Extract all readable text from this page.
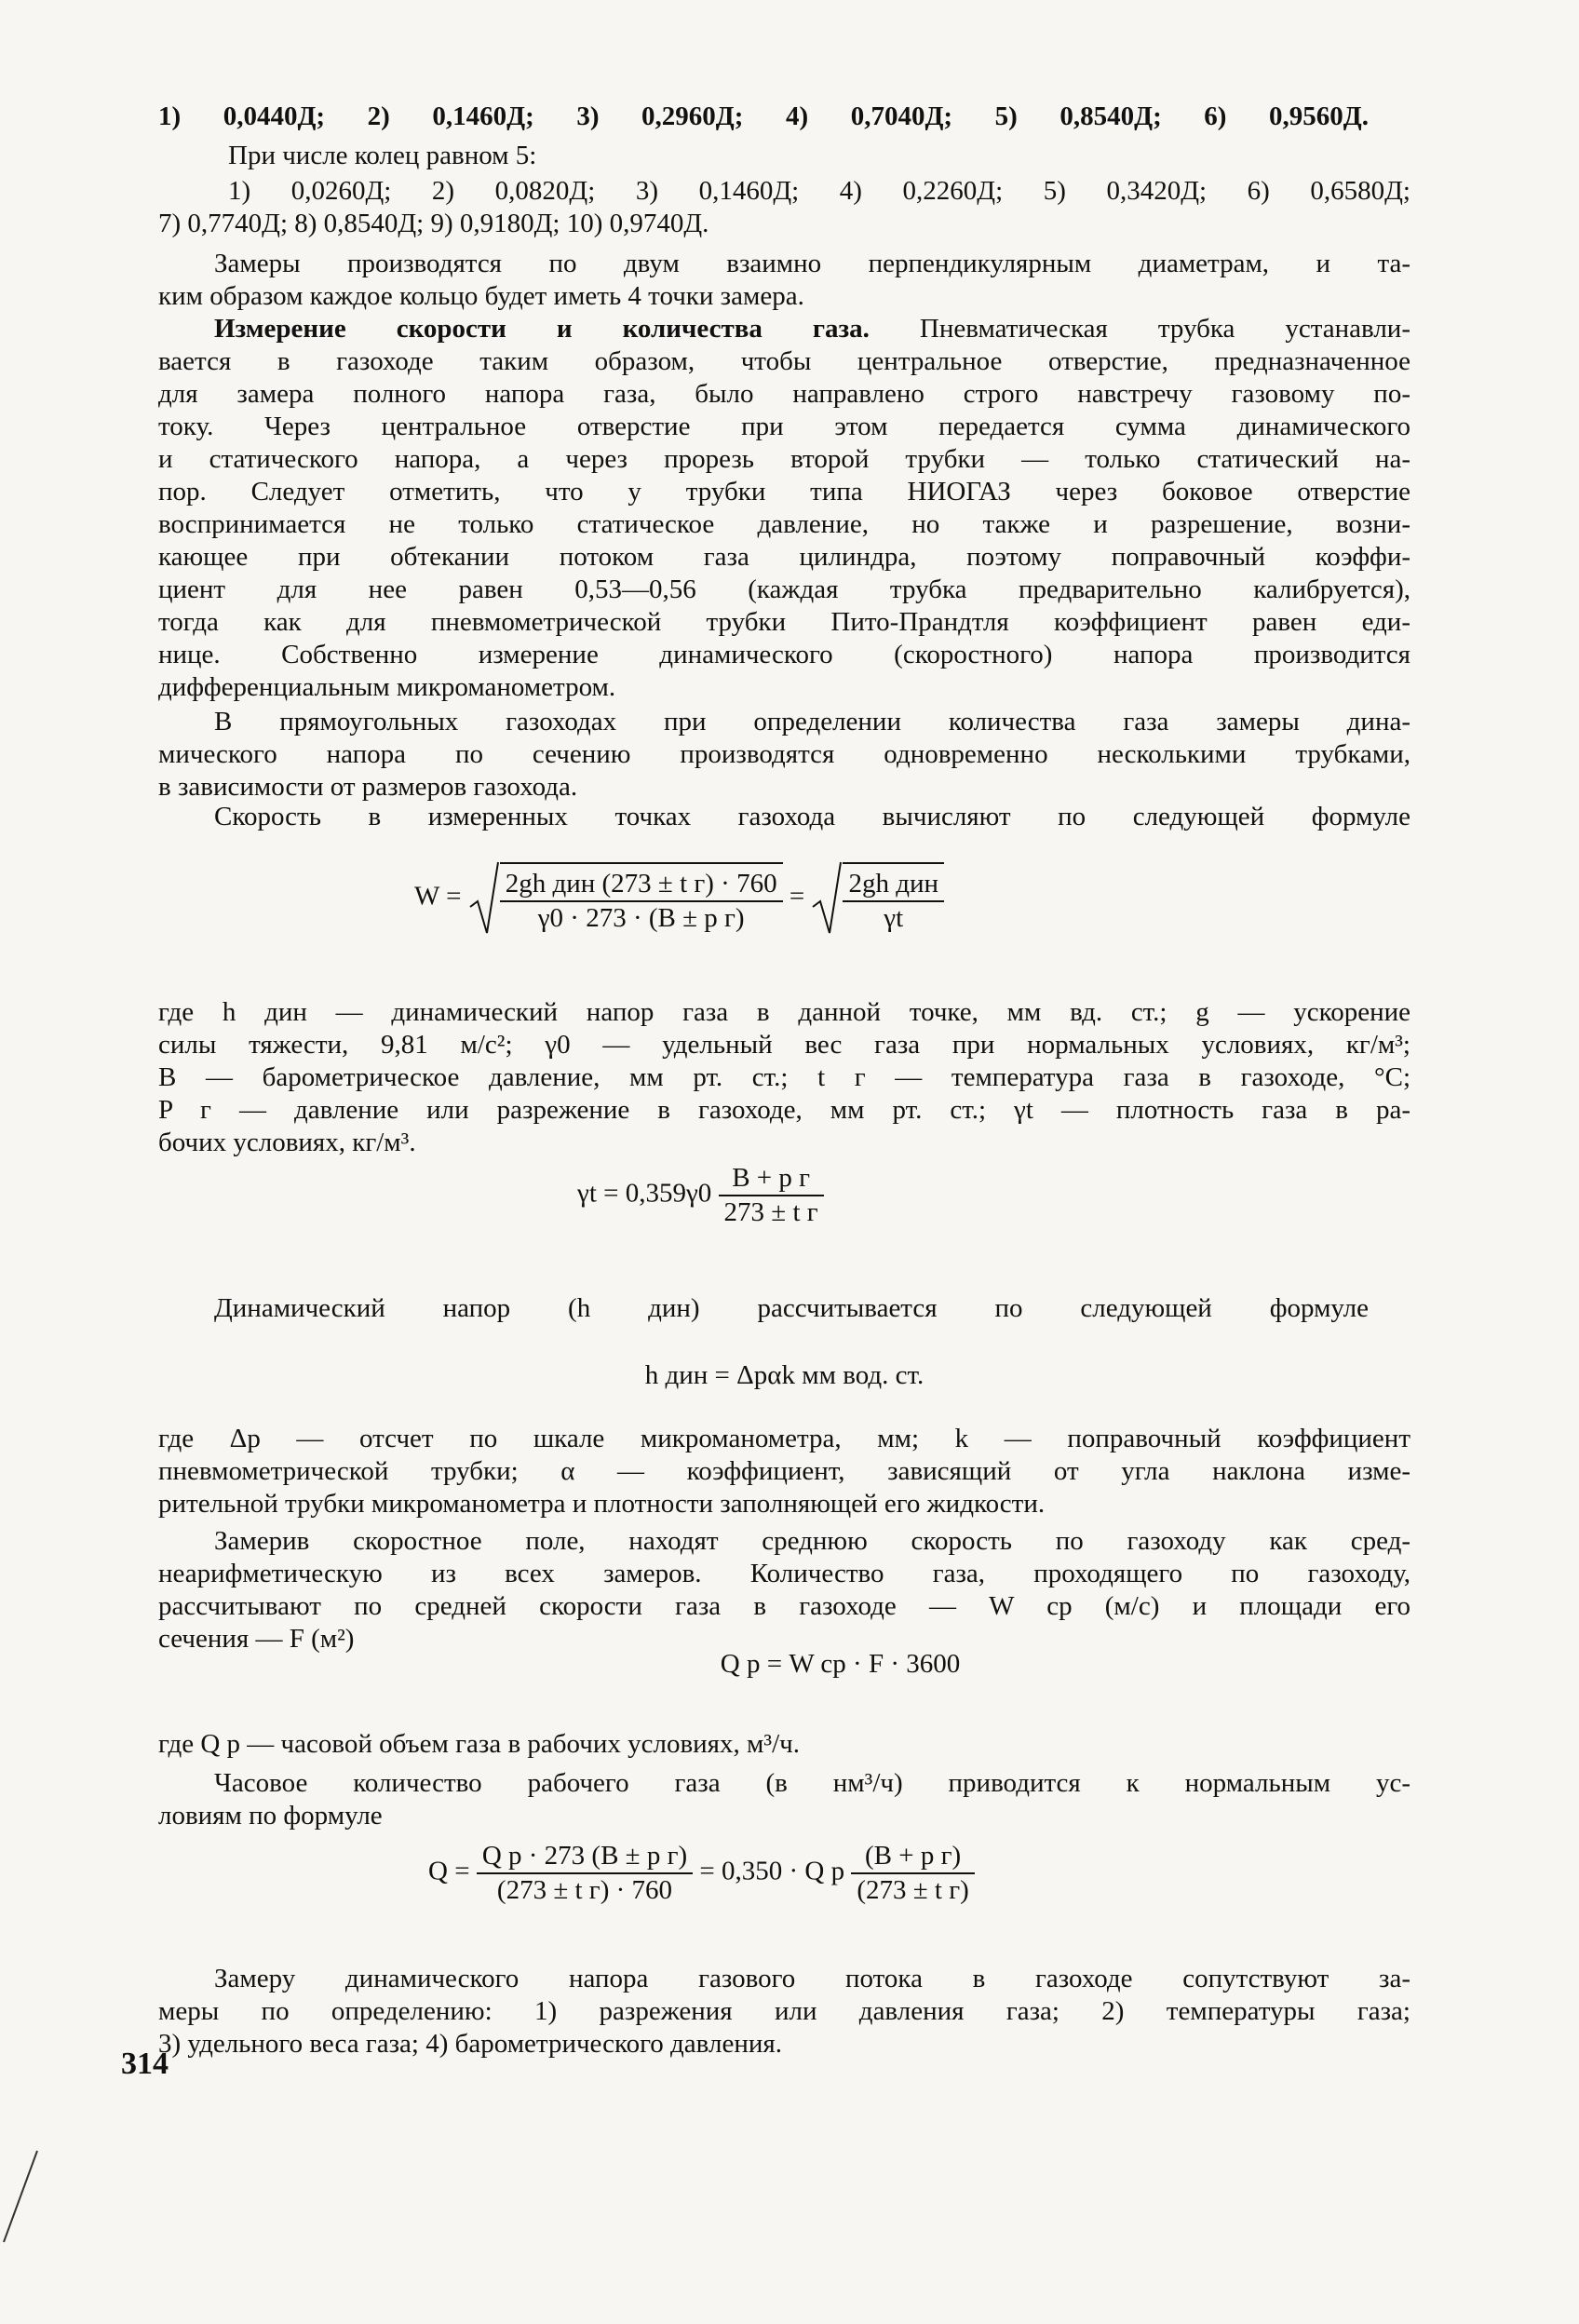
1) 0,0440Д; 2) 0,1460Д; 3) 0,2960Д; 4) 0,7040Д; 5) 0,8540Д; 6) 0,9560Д.

При числе колец равном 5:

1) 0,0260Д; 2) 0,0820Д; 3) 0,1460Д; 4) 0,2260Д; 5) 0,3420Д; 6) 0,6580Д;

7) 0,7740Д; 8) 0,8540Д; 9) 0,9180Д; 10) 0,9740Д.

Замеры производятся по двум взаимно перпендикулярным диаметрам, и та-

ким образом каждое кольцо будет иметь 4 точки замера.

Измерение скорости и количества газа. Пневматическая трубка устанавли-

вается в газоходе таким образом, чтобы центральное отверстие, предназначенное

для замера полного напора газа, было направлено строго навстречу газовому по-

току. Через центральное отверстие при этом передается сумма динамического

и статического напора, а через прорезь второй трубки — только статический на-

пор. Следует отметить, что у трубки типа НИОГАЗ через боковое отверстие

воспринимается не только статическое давление, но также и разрешение, возни-

кающее при обтекании потоком газа цилиндра, поэтому поправочный коэффи-

циент для нее равен 0,53—0,56 (каждая трубка предварительно калибруется),

тогда как для пневмометрической трубки Пито-Прандтля коэффициент равен еди-

нице. Собственно измерение динамического (скоростного) напора производится

дифференциальным микроманометром.

В прямоугольных газоходах при определении количества газа замеры дина-

мического напора по сечению производятся одновременно несколькими трубками,

в зависимости от размеров газохода.

Скорость в измеренных точках газохода вычисляют по следующей формуле

$W = \frac{\text{2gh дин (273 ± t г) · 760}}{\text{γ0 · 273 · (B ± p г)}} = \frac{\text{2gh дин}}{\gamma t}$

где h дин — динамический напор газа в данной точке, мм вд. ст.; g — ускорение

силы тяжести, 9,81 м/с²; γ0 — удельный вес газа при нормальных условиях, кг/м³;

B — барометрическое давление, мм рт. ст.; t г — температура газа в газоходе, °С;

P г — давление или разрежение в газоходе, мм рт. ст.; γt — плотность газа в ра-

бочих условиях, кг/м³.

$\gamma t = 0,359\gamma 0 \frac{\text{B + p г}}{\text{273 ± t г}}$

Динамический напор (h дин) рассчитывается по следующей формуле

h дин = Δpαk мм вод. ст.

где Δp — отсчет по шкале микроманометра, мм; k — поправочный коэффициент

пневмометрической трубки; α — коэффициент, зависящий от угла наклона изме-

рительной трубки микроманометра и плотности заполняющей его жидкости.

Замерив скоростное поле, находят среднюю скорость по газоходу как сред-

неарифметическую из всех замеров. Количество газа, проходящего по газоходу,

рассчитывают по средней скорости газа в газоходе — W ср (м/с) и площади его

сечения — F (м²)

Q р = W ср · F · 3600

где Q р — часовой объем газа в рабочих условиях, м³/ч.

Часовое количество рабочего газа (в нм³/ч) приводится к нормальным ус-

ловиям по формуле

$Q = \frac{\text{Q р · 273 (B ± p г)}}{\text{(273 ± t г) · 760}} = 0,350 \cdot Q$ р $\frac{\text{(B + p г)}}{\text{(273 ± t г)}}$

Замеру динамического напора газового потока в газоходе сопутствуют за-

меры по определению: 1) разрежения или давления газа; 2) температуры газа;

3) удельного веса газа; 4) барометрического давления.

314
